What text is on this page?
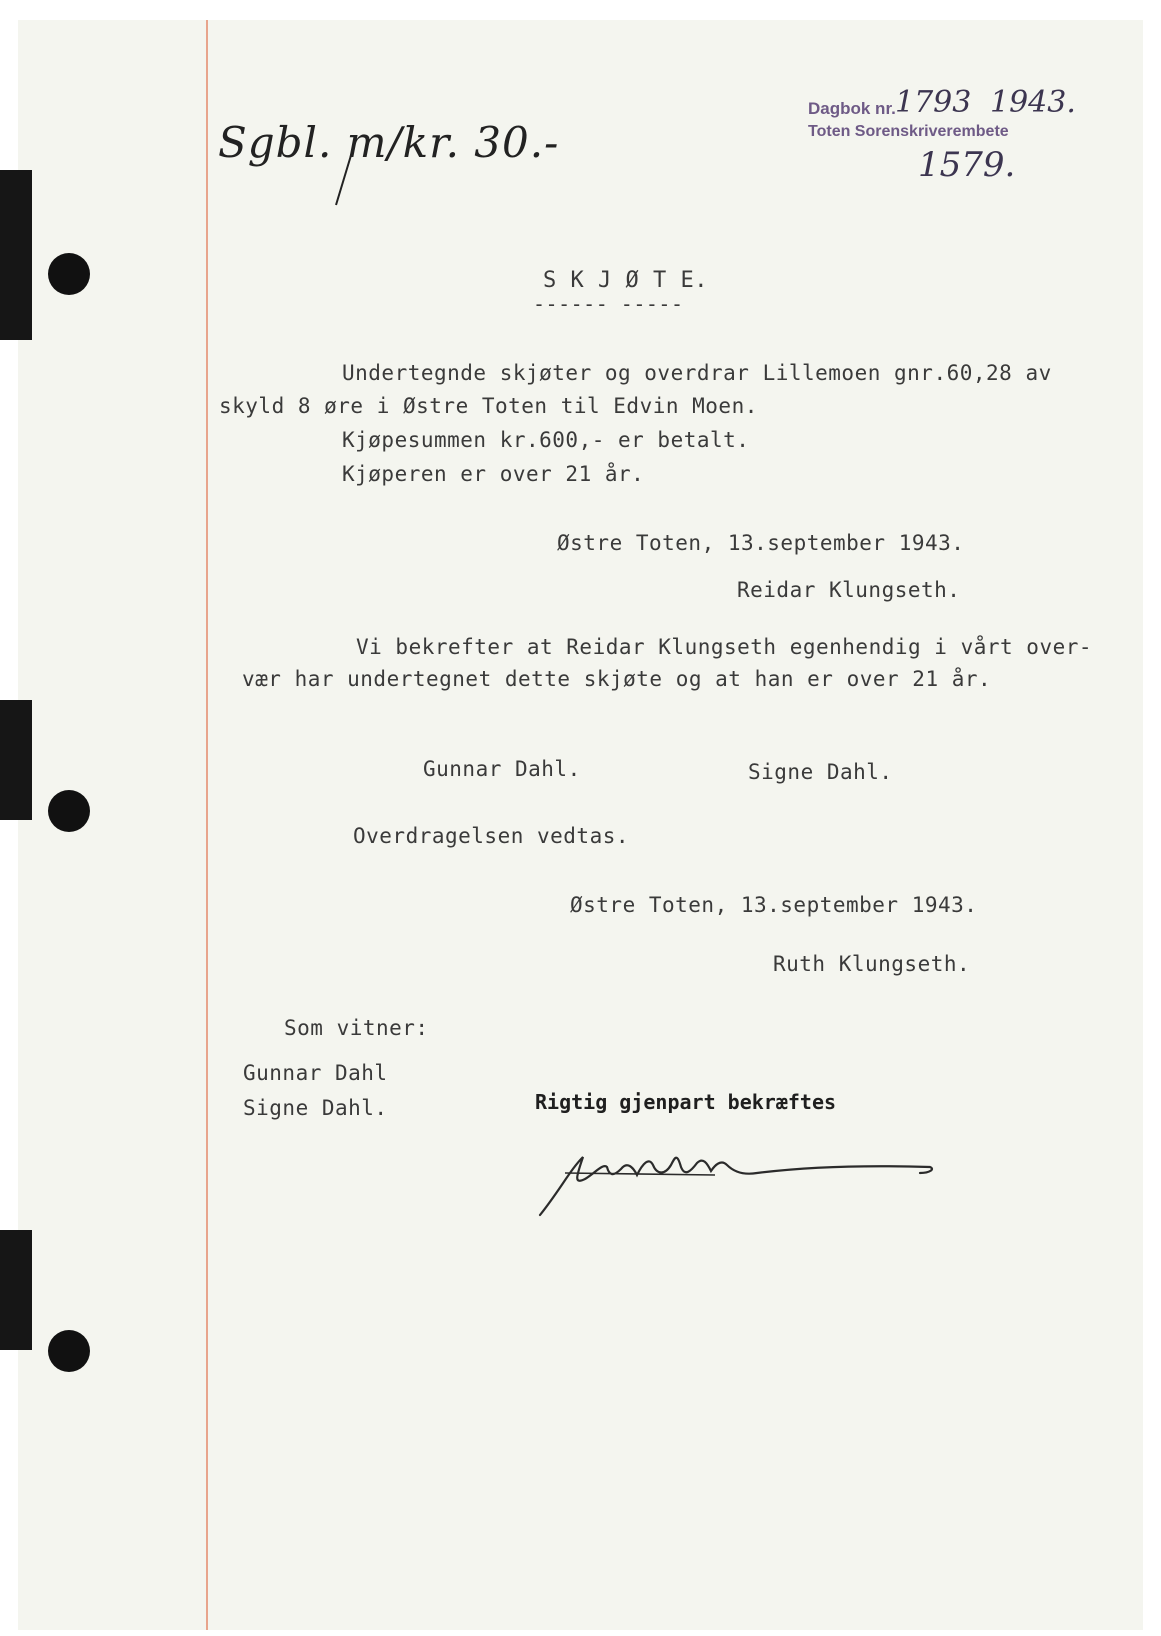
Sgbl. m/kr. 30.-
Dagbok nr. 1793 1943.
Toten Sorenskriverembete
1579.
S K J Ø T E.
------ -----
Undertegnde skjøter og overdrar Lillemoen gnr.60,28 av
skyld 8 øre i Østre Toten til Edvin Moen.
Kjøpesummen kr.600,- er betalt.
Kjøperen er over 21 år.
Østre Toten, 13.september 1943.
Reidar Klungseth.
Vi bekrefter at Reidar Klungseth egenhendig i vårt over-
vær har undertegnet dette skjøte og at han er over 21 år.
Gunnar Dahl.	Signe Dahl.
Overdragelsen vedtas.
Østre Toten, 13.september 1943.
Ruth Klungseth.
Som vitner:
Gunnar Dahl
Signe Dahl.	Rigtig gjenpart bekræftes
